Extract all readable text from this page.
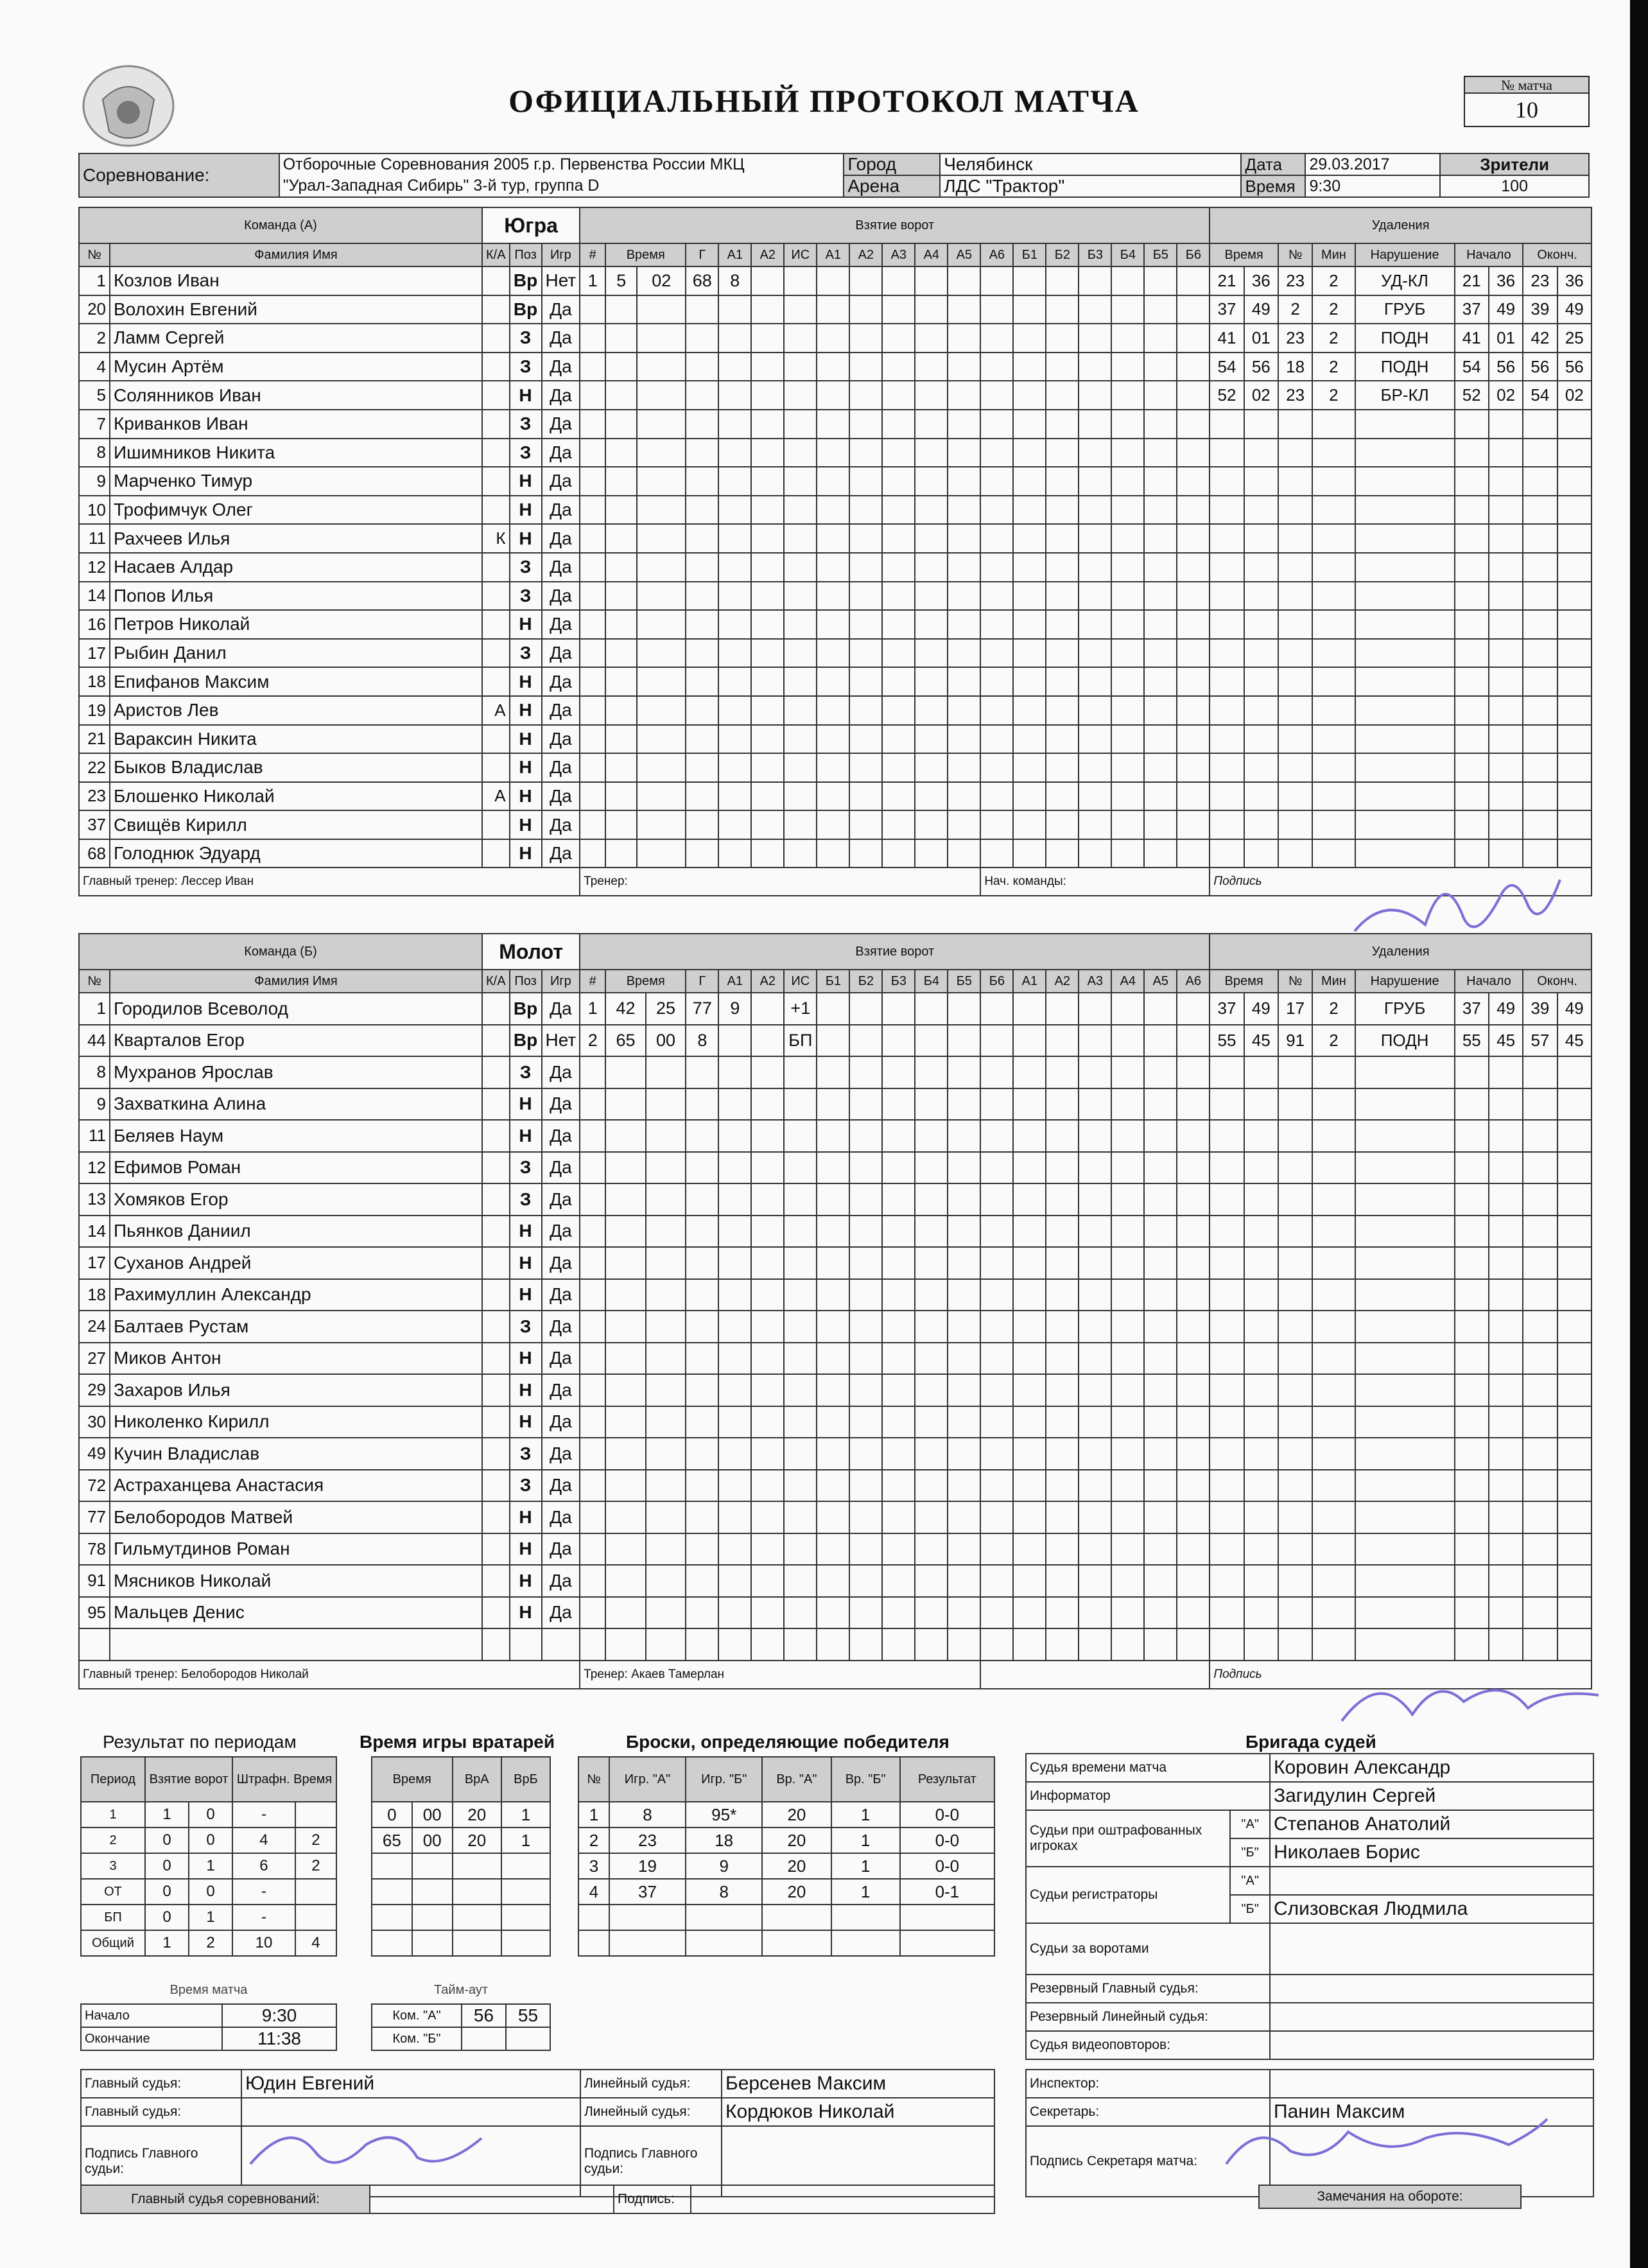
ОФИЦИАЛЬНЫЙ ПРОТОКОЛ МАТЧА	№ матча
10
Соревнование:	Отборочные Соревнования 2005 г.р. Первенства России МКЦ	Город	Челябинск	Дата	29.03.2017	Зрители
	"Урал-Западная Сибирь" 3-й тур, группа D	Арена	ЛДС "Трактор"	Время	9:30	100
Команда (А)		Югра			Взятие ворот																			Удаления								
№	Фамилия Имя	К/А	Поз	Игр	#	Время		Г	А1	А2	ИС	А1	А2	А3	А4	А5	А6	Б1	Б2	Б3	Б4	Б5	Б6	Время		№	Мин	Нарушение	Начало		Оконч.	
1	Козлов Иван		Вр	Нет	1	5	02	68	8															21	36	23	2	УД-КЛ	21	36	23	36
20	Волохин Евгений		Вр	Да																				37	49	2	2	ГРУБ	37	49	39	49
2	Ламм Сергей		З	Да																				41	01	23	2	ПОДН	41	01	42	25
4	Мусин Артём		З	Да																				54	56	18	2	ПОДН	54	56	56	56
5	Солянников Иван		Н	Да																				52	02	23	2	БР-КЛ	52	02	54	02
7	Криванков Иван		З	Да																												
8	Ишимников Никита		З	Да																												
9	Марченко Тимур		Н	Да																												
10	Трофимчук Олег		Н	Да																												
11	Рахчеев Илья	К	Н	Да																												
12	Насаев Алдар		З	Да																												
14	Попов Илья		З	Да																												
16	Петров Николай		Н	Да																												
17	Рыбин Данил		З	Да																												
18	Епифанов Максим		Н	Да																												
19	Аристов Лев	А	Н	Да																												
21	Вараксин Никита		Н	Да																												
22	Быков Владислав		Н	Да																												
23	Блошенко Николай	А	Н	Да																												
37	Свищёв Кирилл		Н	Да																												
68	Голоднюк Эдуард		Н	Да																												
Главный тренер: Лессер Иван					Тренер:												Нач. команды:							Подпись								
Команда (Б)		Молот			Взятие ворот																			Удаления								
№	Фамилия Имя	К/А	Поз	Игр	#	Время		Г	А1	А2	ИС	Б1	Б2	Б3	Б4	Б5	Б6	А1	А2	А3	А4	А5	А6	Время		№	Мин	Нарушение	Начало		Оконч.	
1	Городилов Всеволод		Вр	Да	1	42	25	77	9		+1													37	49	17	2	ГРУБ	37	49	39	49
44	Кварталов Егор		Вр	Нет	2	65	00	8			БП													55	45	91	2	ПОДН	55	45	57	45
8	Мухранов Ярослав		З	Да																												
9	Захваткина Алина		Н	Да																												
11	Беляев Наум		Н	Да																												
12	Ефимов Роман		З	Да																												
13	Хомяков Егор		З	Да																												
14	Пьянков Даниил		Н	Да																												
17	Суханов Андрей		Н	Да																												
18	Рахимуллин Александр		Н	Да																												
24	Балтаев Рустам		З	Да																												
27	Миков Антон		Н	Да																												
29	Захаров Илья		Н	Да																												
30	Николенко Кирилл		Н	Да																												
49	Кучин Владислав		З	Да																												
72	Астраханцева Анастасия		З	Да																												
77	Белобородов Матвей		Н	Да																												
78	Гильмутдинов Роман		Н	Да																												
91	Мясников Николай		Н	Да																												
95	Мальцев Денис		Н	Да																												

Главный тренер: Белобородов Николай					Тренер: Акаев Тамерлан																			Подпись								
Результат по периодам	Время игры вратарей	Броски, определяющие победителя	Бригада судей
Период	Взятие ворот		Штрафн. Время	
1	1	0	-	
2	0	0	4	2
3	0	1	6	2
ОТ	0	0	-	
БП	0	1	-	
Общий	1	2	10	4
Время матча
Начало	9:30
Окончание	11:38
Время		ВрА	ВрБ
0	00	20	1
65	00	20	1

Тайм-аут
Ком. "А"	56	55
Ком. "Б"		
№	Игр. "А"	Игр. "Б"	Вр. "А"	Вр. "Б"	Результат
1	8	95*	20	1	0-0
2	23	18	20	1	0-0
3	19	9	20	1	0-0
4	37	8	20	1	0-1

Судья времени матча		Коровин Александр
Информатор		Загидулин Сергей
Судьи при оштрафованных игроках	"А"	Степанов Анатолий
	"Б"	Николаев Борис
Судьи регистраторы	"А"	
	"Б"	Слизовская Людмила
Судьи за воротами		
Резервный Главный судья:		
Резервный Линейный судья:		
Судья видеоповторов:		
Главный судья:	Юдин Евгений
Главный судья:	
Подпись Главного судьи:	
Линейный судья:	Берсенев Максим
Линейный судья:	Кордюков Николай
Подпись Главного судьи:	
Инспектор:	
Секретарь:	Панин Максим
Подпись Секретаря матча:	
Главный судья соревнований:		Подпись:		Замечания на обороте:
